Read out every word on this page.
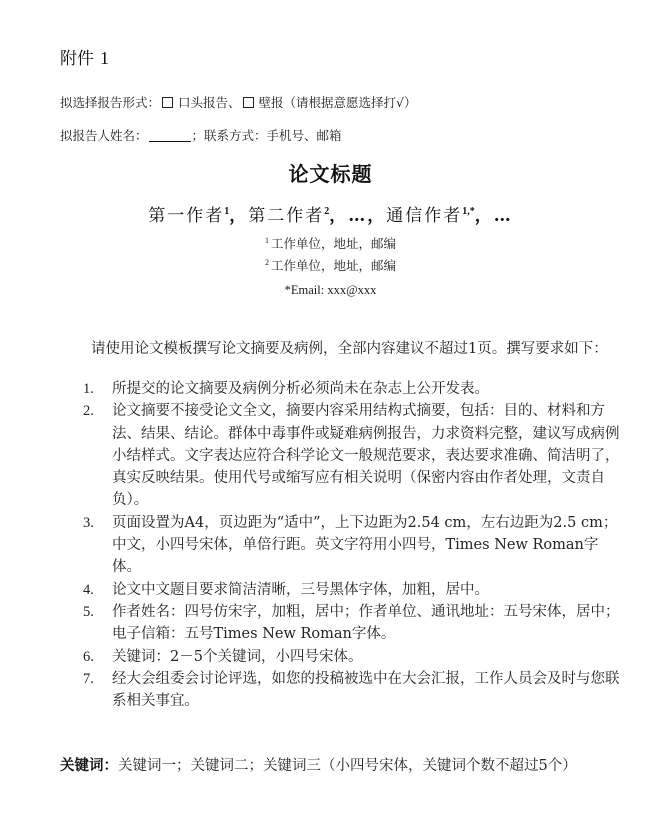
附件 1
拟选择报告形式： 口头报告、 壁报（请根据意愿选择打√）
拟报告人姓名：	；联系方式：手机号、邮箱
论文标题
第一作者$^1$，第二作者$^2$，…，通信作者$^{1,*}$，…
$^1$ 工作单位，地址，邮编
$^2$ 工作单位，地址，邮编
*Email: xxx@xxx

请使用论文模板撰写论文摘要及病例，全部内容建议不超过1页。撰写要求如下：

1.	所提交的论文摘要及病例分析必须尚未在杂志上公开发表。
2.	论文摘要不接受论文全文，摘要内容采用结构式摘要，包括：目的、材料和方法、结果、结论。群体中毒事件或疑难病例报告，力求资料完整，建议写成病例小结样式。文字表达应符合科学论文一般规范要求，表达要求准确、简洁明了，真实反映结果。使用代号或缩写应有相关说明（保密内容由作者处理，文责自负）。
3.	页面设置为A4，页边距为“适中”，上下边距为2.54 cm，左右边距为2.5 cm；中文，小四号宋体，单倍行距。英文字符用小四号，Times New Roman字体。
4.	论文中文题目要求简洁清晰，三号黑体字体，加粗，居中。
5.	作者姓名：四号仿宋字，加粗，居中；作者单位、通讯地址：五号宋体，居中；电子信箱：五号Times New Roman字体。
6.	关键词：2－5个关键词，小四号宋体。
7.	经大会组委会讨论评选，如您的投稿被选中在大会汇报，工作人员会及时与您联系相关事宜。
关键词：关键词一；关键词二；关键词三（小四号宋体，关键词个数不超过5个）
